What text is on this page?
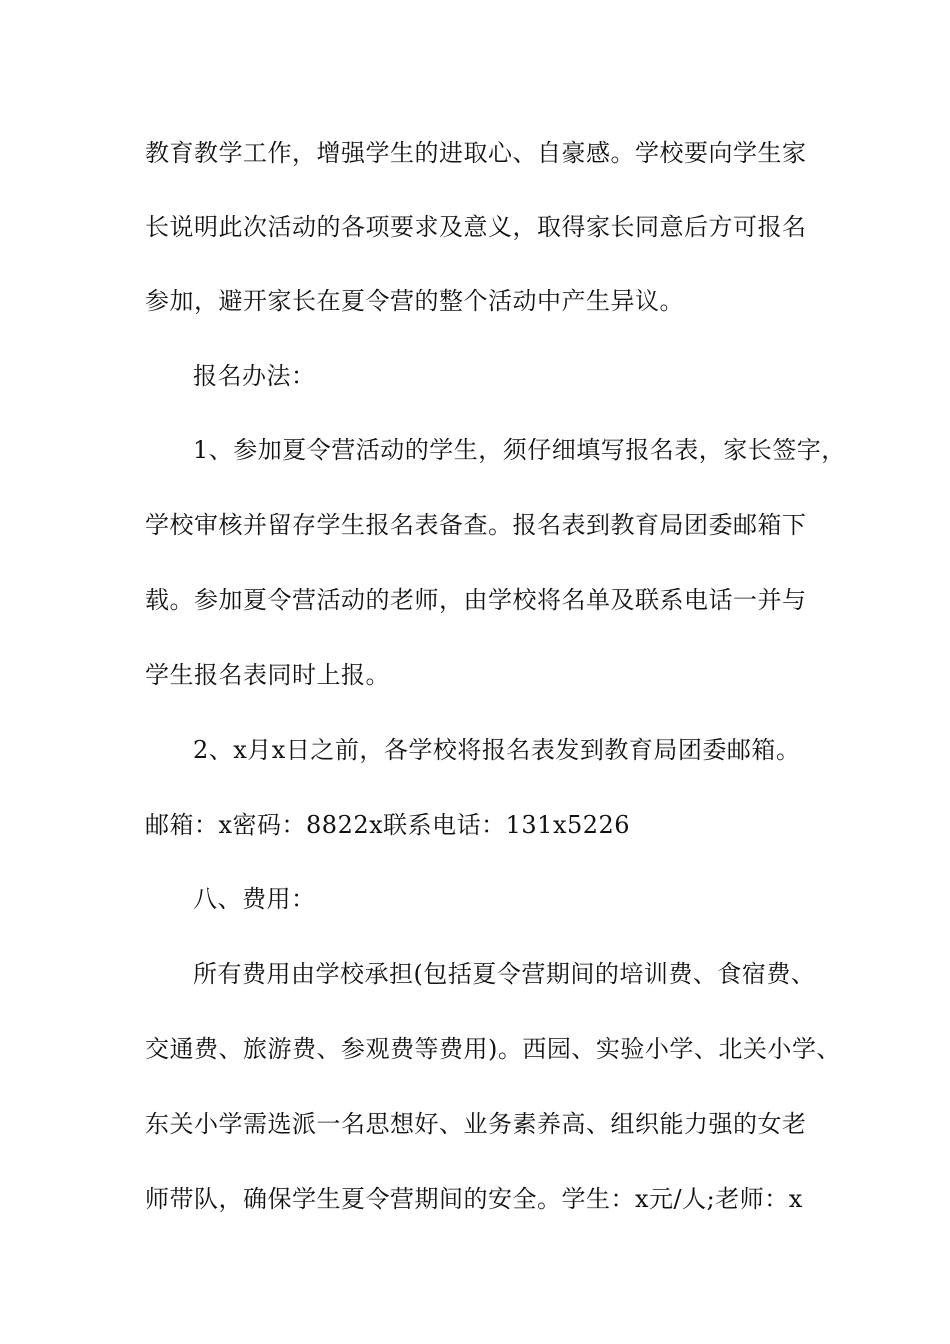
教育教学工作，增强学生的进取心、自豪感。学校要向学生家
长说明此次活动的各项要求及意义，取得家长同意后方可报名
参加，避开家长在夏令营的整个活动中产生异议。
报名办法：
1、参加夏令营活动的学生，须仔细填写报名表，家长签字，
学校审核并留存学生报名表备查。报名表到教育局团委邮箱下
载。参加夏令营活动的老师，由学校将名单及联系电话一并与
学生报名表同时上报。
2、x月x日之前，各学校将报名表发到教育局团委邮箱。
邮箱：x密码：8822x联系电话：131x5226
八、费用：
所有费用由学校承担(包括夏令营期间的培训费、食宿费、
交通费、旅游费、参观费等费用)。西园、实验小学、北关小学、
东关小学需选派一名思想好、业务素养高、组织能力强的女老
师带队，确保学生夏令营期间的安全。学生：x元/人;老师：x
